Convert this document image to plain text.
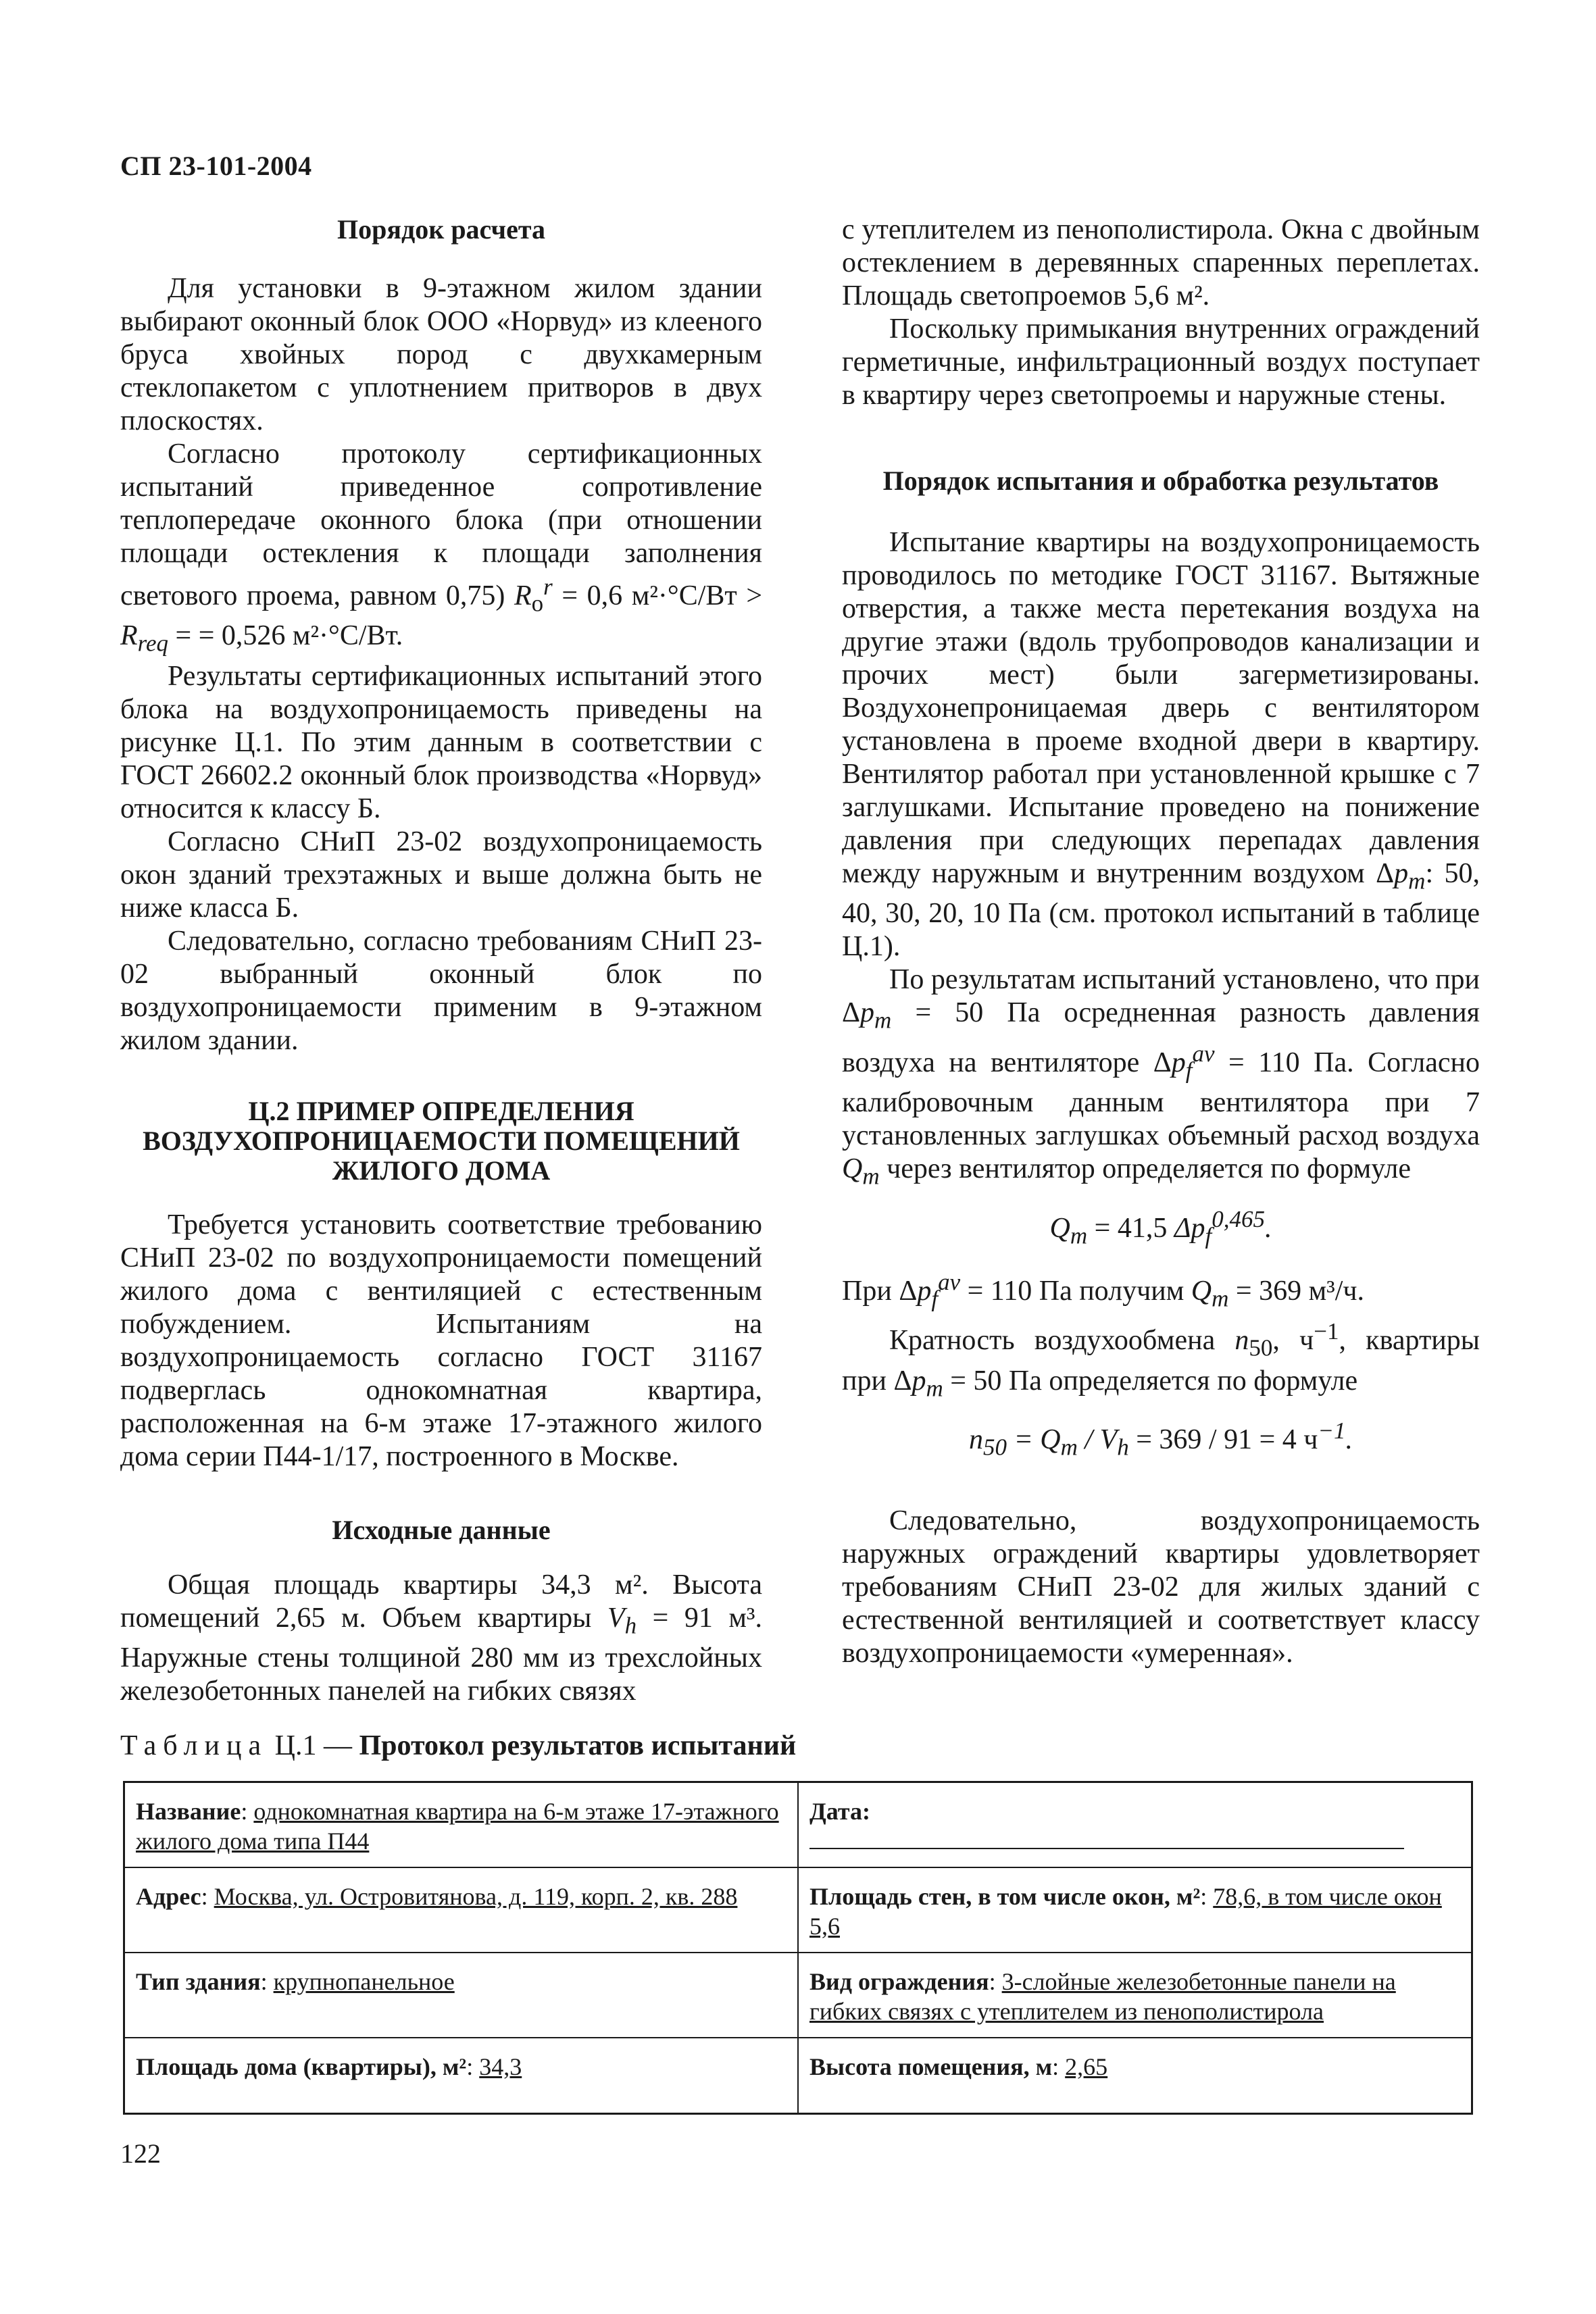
СП 23-101-2004
Порядок расчета

Для установки в 9-этажном жилом здании выбирают оконный блок ООО «Норвуд» из клееного бруса хвойных пород с двухкамерным стеклопакетом с уплотнением притворов в двух плоскостях.

Согласно протоколу сертификационных испытаний приведенное сопротивление теплопередаче оконного блока (при отношении площади остекления к площади заполнения светового проема, равном 0,75) $R_о^r = 0,6$ $м^2\cdot^\circ С/Вт > R_{req}$ = = 0,526 м²·°С/Вт.

Результаты сертификационных испытаний этого блока на воздухопроницаемость приведены на рисунке Ц.1. По этим данным в соответствии с ГОСТ 26602.2 оконный блок производства «Норвуд» относится к классу Б.

Согласно СНиП 23-02 воздухопроницаемость окон зданий трехэтажных и выше должна быть не ниже класса Б.

Следовательно, согласно требованиям СНиП 23-02 выбранный оконный блок по воздухопроницаемости применим в 9-этажном жилом здании.

Ц.2 ПРИМЕР ОПРЕДЕЛЕНИЯ
ВОЗДУХОПРОНИЦАЕМОСТИ ПОМЕЩЕНИЙ
ЖИЛОГО ДОМА

Требуется установить соответствие требованию СНиП 23-02 по воздухопроницаемости помещений жилого дома с вентиляцией с естественным побуждением. Испытаниям на воздухопроницаемость согласно ГОСТ 31167 подверглась однокомнатная квартира, расположенная на 6-м этаже 17-этажного жилого дома серии П44-1/17, построенного в Москве.

Исходные данные

Общая площадь квартиры 34,3 м². Высота помещений 2,65 м. Объем квартиры $V_h = 91$ м³. Наружные стены толщиной 280 мм из трехслойных железобетонных панелей на гибких связях

с утеплителем из пенополистирола. Окна с двойным остеклением в деревянных спаренных переплетах. Площадь светопроемов 5,6 м².

Поскольку примыкания внутренних ограждений герметичные, инфильтрационный воздух поступает в квартиру через светопроемы и наружные стены.

Порядок испытания и обработка результатов

Испытание квартиры на воздухопроницаемость проводилось по методике ГОСТ 31167. Вытяжные отверстия, а также места перетекания воздуха на другие этажи (вдоль трубопроводов канализации и прочих мест) были загерметизированы. Воздухонепроницаемая дверь с вентилятором установлена в проеме входной двери в квартиру. Вентилятор работал при установленной крышке с 7 заглушками. Испытание проведено на понижение давления при следующих перепадах давления между наружным и внутренним воздухом $\Delta p_m$: 50, 40, 30, 20, 10 Па (см. протокол испытаний в таблице Ц.1).

По результатам испытаний установлено, что при $\Delta p_m = 50$ Па осредненная разность давления воздуха на вентиляторе $\Delta p_f^{av} = 110$ Па. Согласно калибровочным данным вентилятора при 7 установленных заглушках объемный расход воздуха $Q_m$ через вентилятор определяется по формуле

$Q_m = 41,5$ $\Delta p_f^{0,465}$.

При $\Delta p_f^{av} = 110$ Па получим $Q_m = 369$ м³/ч.

Кратность воздухообмена $n_{50}$, $ч^{-1}$, квартиры при $\Delta p_m = 50$ Па определяется по формуле

$n_{50} = Q_m / V_h = 369 / 91 = 4$ $ч^{-1}$.

Следовательно, воздухопроницаемость наружных ограждений квартиры удовлетворяет требованиям СНиП 23-02 для жилых зданий с естественной вентиляцией и соответствует классу воздухопроницаемости «умеренная».

Таблица Ц.1 — Протокол результатов испытаний
Название: однокомнатная квартира на 6-м этаже 17-этажного жилого дома типа П44	Дата:
Адрес: Москва, ул. Островитянова, д. 119, корп. 2, кв. 288	Площадь стен, в том числе окон, м²: 78,6, в том числе окон 5,6
Тип здания: крупнопанельное	Вид ограждения: 3-слойные железобетонные панели на гибких связях с утеплителем из пенополистирола
Площадь дома (квартиры), м²: 34,3	Высота помещения, м: 2,65
122
